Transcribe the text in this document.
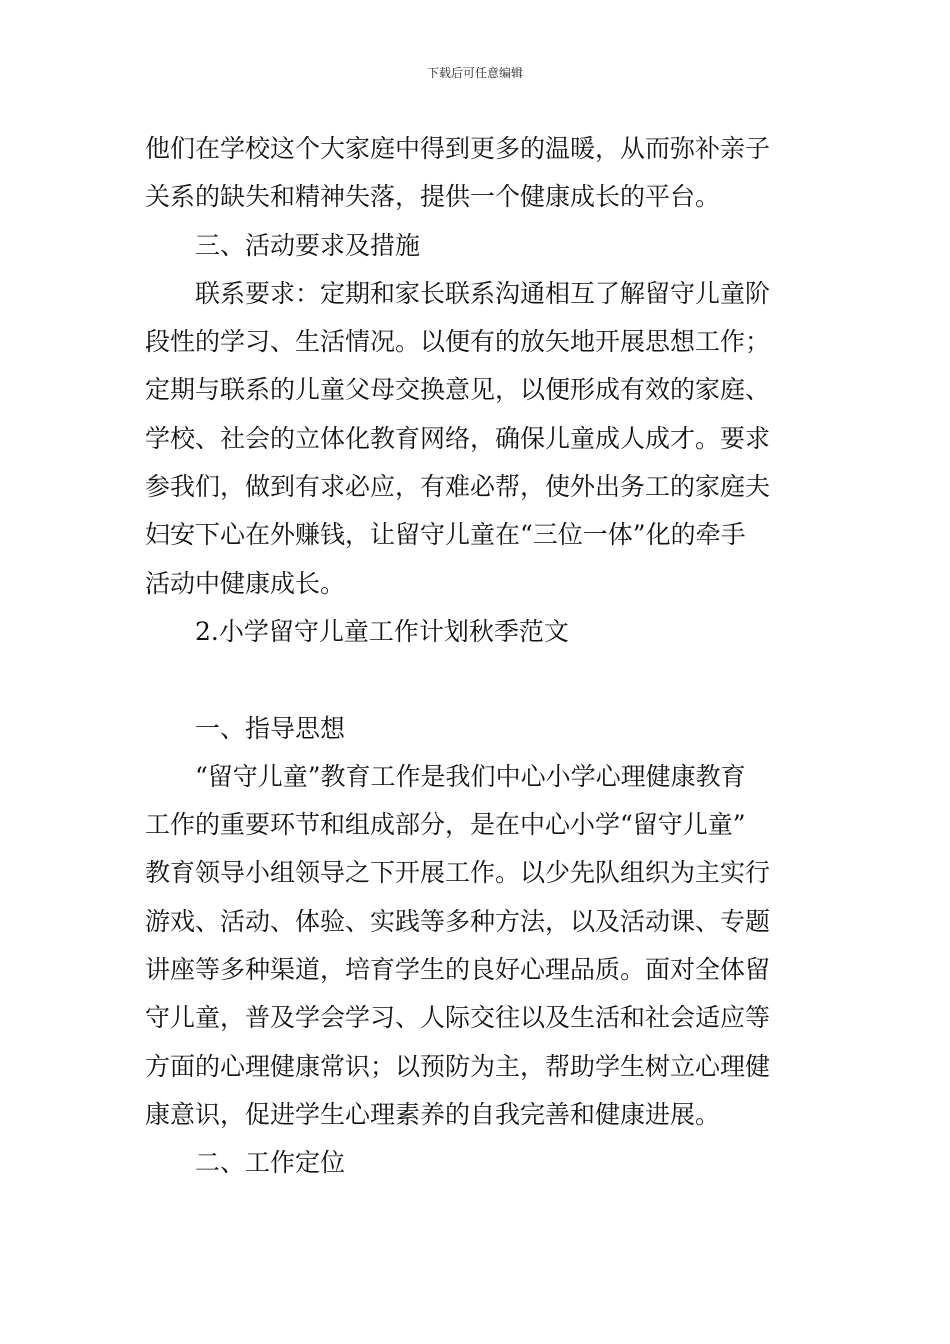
下载后可任意编辑
他们在学校这个大家庭中得到更多的温暖，从而弥补亲子
关系的缺失和精神失落，提供一个健康成长的平台。
三、活动要求及措施
联系要求：定期和家长联系沟通相互了解留守儿童阶
段性的学习、生活情况。以便有的放矢地开展思想工作；
定期与联系的儿童父母交换意见，以便形成有效的家庭、
学校、社会的立体化教育网络，确保儿童成人成才。要求
参我们，做到有求必应，有难必帮，使外出务工的家庭夫
妇安下心在外赚钱，让留守儿童在“三位一体”化的牵手
活动中健康成长。
2.小学留守儿童工作计划秋季范文
一、指导思想
“留守儿童”教育工作是我们中心小学心理健康教育
工作的重要环节和组成部分，是在中心小学“留守儿童”
教育领导小组领导之下开展工作。以少先队组织为主实行
游戏、活动、体验、实践等多种方法，以及活动课、专题
讲座等多种渠道，培育学生的良好心理品质。面对全体留
守儿童，普及学会学习、人际交往以及生活和社会适应等
方面的心理健康常识；以预防为主，帮助学生树立心理健
康意识，促进学生心理素养的自我完善和健康进展。
二、工作定位
